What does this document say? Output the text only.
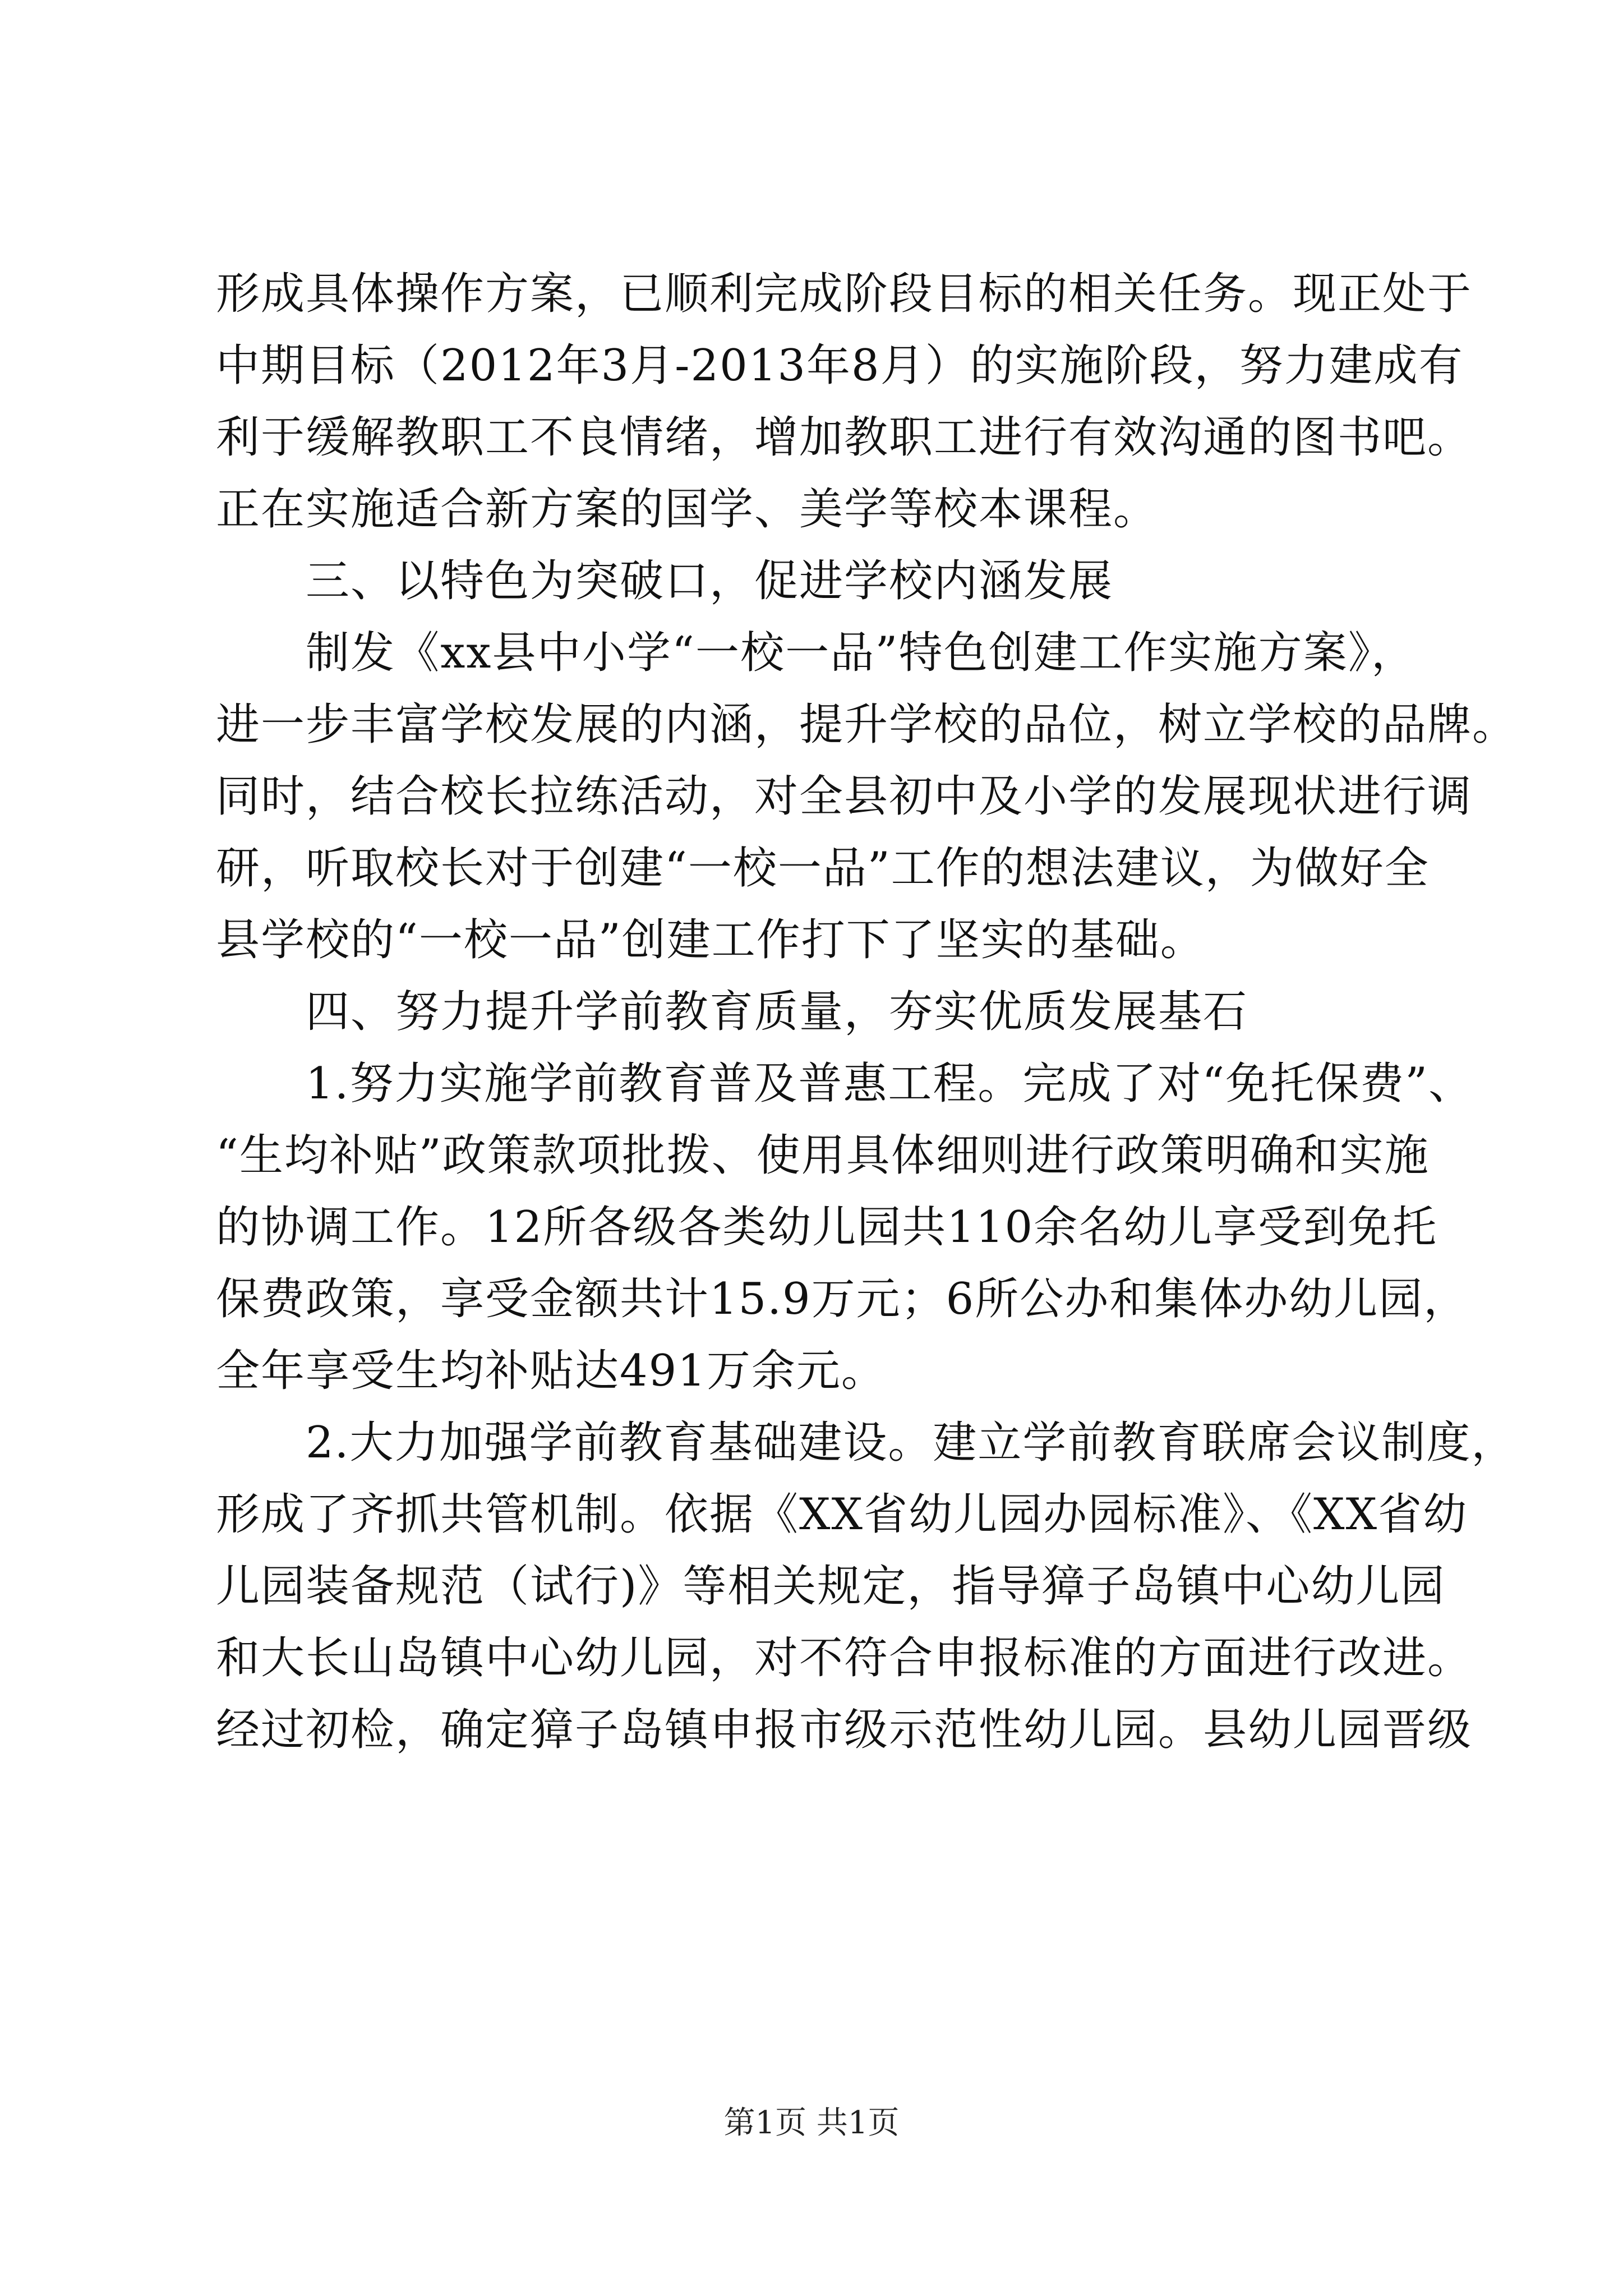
形成具体操作方案，已顺利完成阶段目标的相关任务。现正处于
中期目标（2012年3月-2013年8月）的实施阶段，努力建成有
利于缓解教职工不良情绪，增加教职工进行有效沟通的图书吧。
正在实施适合新方案的国学、美学等校本课程。
三、以特色为突破口，促进学校内涵发展
制发《xx县中小学“一校一品”特色创建工作实施方案》，
进一步丰富学校发展的内涵，提升学校的品位，树立学校的品牌。
同时，结合校长拉练活动，对全县初中及小学的发展现状进行调
研，听取校长对于创建“一校一品”工作的想法建议，为做好全
县学校的“一校一品”创建工作打下了坚实的基础。
四、努力提升学前教育质量，夯实优质发展基石
1.努力实施学前教育普及普惠工程。完成了对“免托保费”、
“生均补贴”政策款项批拨、使用具体细则进行政策明确和实施
的协调工作。12所各级各类幼儿园共110余名幼儿享受到免托
保费政策，享受金额共计15.9万元；6所公办和集体办幼儿园，
全年享受生均补贴达491万余元。
2.大力加强学前教育基础建设。建立学前教育联席会议制度，
形成了齐抓共管机制。依据《XX省幼儿园办园标准》、《XX省幼
儿园装备规范（试行)》等相关规定，指导獐子岛镇中心幼儿园
和大长山岛镇中心幼儿园，对不符合申报标准的方面进行改进。
经过初检，确定獐子岛镇申报市级示范性幼儿园。县幼儿园晋级
第1页 共1页
